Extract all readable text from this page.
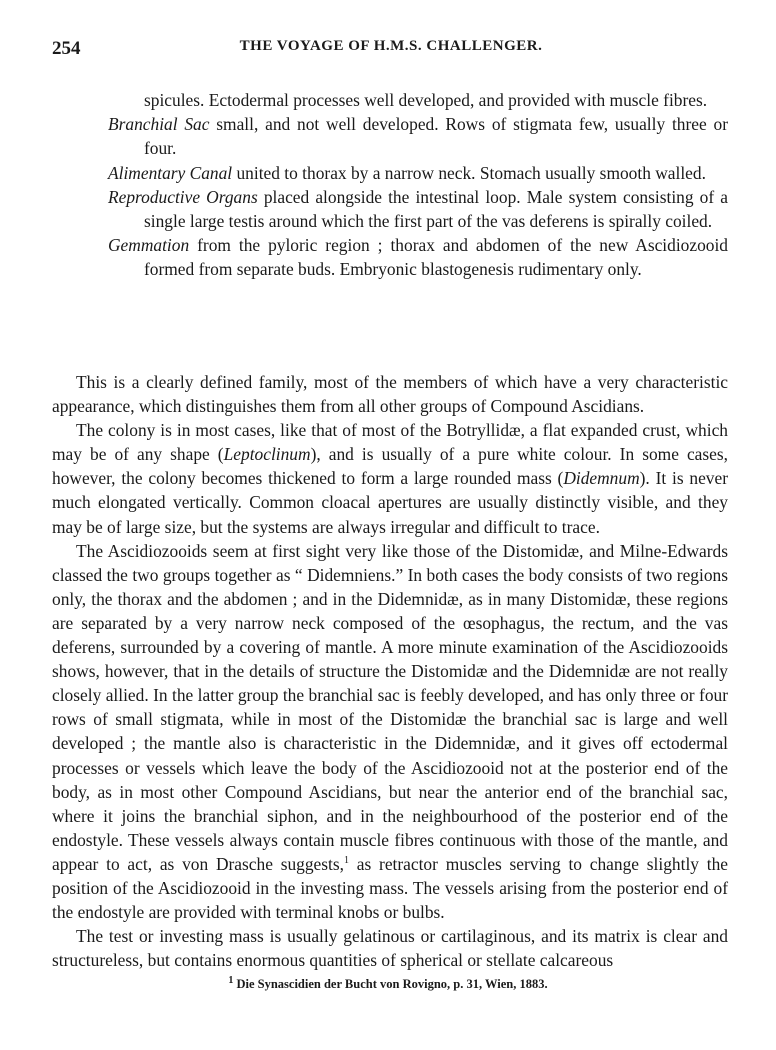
254	THE VOYAGE OF H.M.S. CHALLENGER.

spicules. Ectodermal processes well developed, and provided with muscle fibres.

Branchial Sac small, and not well developed. Rows of stigmata few, usually three or four.

Alimentary Canal united to thorax by a narrow neck. Stomach usually smooth walled.

Reproductive Organs placed alongside the intestinal loop. Male system consisting of a single large testis around which the first part of the vas deferens is spirally coiled.

Gemmation from the pyloric region ; thorax and abdomen of the new Ascidiozooid formed from separate buds. Embryonic blastogenesis rudimentary only.

This is a clearly defined family, most of the members of which have a very characteristic appearance, which distinguishes them from all other groups of Compound Ascidians.

The colony is in most cases, like that of most of the Botryllidæ, a flat expanded crust, which may be of any shape (Leptoclinum), and is usually of a pure white colour. In some cases, however, the colony becomes thickened to form a large rounded mass (Didemnum). It is never much elongated vertically. Common cloacal apertures are usually distinctly visible, and they may be of large size, but the systems are always irregular and difficult to trace.

The Ascidiozooids seem at first sight very like those of the Distomidæ, and Milne-Edwards classed the two groups together as “ Didemniens.” In both cases the body consists of two regions only, the thorax and the abdomen ; and in the Didemnidæ, as in many Distomidæ, these regions are separated by a very narrow neck composed of the œsophagus, the rectum, and the vas deferens, surrounded by a covering of mantle. A more minute examination of the Ascidiozooids shows, however, that in the details of structure the Distomidæ and the Didemnidæ are not really closely allied. In the latter group the branchial sac is feebly developed, and has only three or four rows of small stigmata, while in most of the Distomidæ the branchial sac is large and well developed ; the mantle also is characteristic in the Didemnidæ, and it gives off ectodermal processes or vessels which leave the body of the Ascidiozooid not at the posterior end of the body, as in most other Compound Ascidians, but near the anterior end of the branchial sac, where it joins the branchial siphon, and in the neighbourhood of the posterior end of the endostyle. These vessels always contain muscle fibres continuous with those of the mantle, and appear to act, as von Drasche suggests,$^1$ as retractor muscles serving to change slightly the position of the Ascidiozooid in the investing mass. The vessels arising from the posterior end of the endostyle are provided with terminal knobs or bulbs.

The test or investing mass is usually gelatinous or cartilaginous, and its matrix is clear and structureless, but contains enormous quantities of spherical or stellate calcareous

$^1$ Die Synascidien der Bucht von Rovigno, p. 31, Wien, 1883.
